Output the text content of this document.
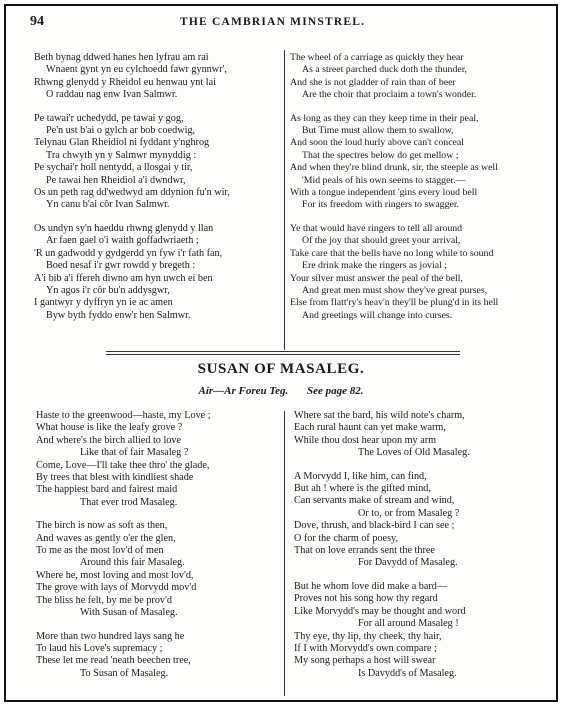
94	THE CAMBRIAN MINSTREL.
Beth bynag ddwed hanes hen lyfrau am rai
Wnaent gynt yn eu cylchoedd fawr gynnwr',
Rhwng glenydd y Rheidol eu henwau ynt lai
O raddau nag enw Ivan Salmwr.
Pe tawai'r uchedydd, pe tawai y gog,
Pe'n ust b'ai o gylch ar bob coedwig,
Telynau Glan Rheidiol ni fyddant y'nghrog
Tra chwyth yn y Salmwr mynyddig :
Pe sychai'r holl nentydd, a llosgai y tir,
Pe tawai hen Rheidiol a'i dwndwr,
Os un peth rag dd'wedwyd am ddynion fu'n wir,
Yn canu b'ai côr Ivan Salmwr.
Os undyn sy'n haeddu rhwng glenydd y llan
Ar faen gael o'i waith goffadwriaeth ;
'R un gadwodd y gydgerdd yn fyw i'r fath fan,
Boed nesaf i'r gwr rowdd y bregeth :
A'i bib a'i ffereh diwno am hyn uwch ei ben
Yn agos i'r côr bu'n addysgwr,
I gantwyr y dyffryn yn ie ac amen
Byw byth fyddo enw'r hen Salmwr.
The wheel of a carriage as quickly they hear
As a street parched duck doth the thunder,
And she is not gladder of rain than of beer
Are the choir that proclaim a town's wonder.
As long as they can they keep time in their peal,
But Time must allow them to swallow,
And soon the loud hurly above can't conceal
That the spectres below do get mellow ;
And when they're blind drunk, sir, the steeple as well
'Mid peals of his own seems to stagger.—
With a tongue independent 'gins every loud bell
For its freedom with ringers to swagger.
Ye that would have ringers to tell all around
Of the joy that should greet your arrival,
Take care that the bells have no long while to sound
Ere drink make the ringers as jovial ;
Your silver must answer the peal of the bell,
And great men must show they've great purses,
Else from flatt'ry's heav'n they'll be plung'd in its hell
And greetings will change into curses.
SUSAN OF MASALEG.
Air—Ar Foreu Teg. See page 82.
Haste to the greenwood—haste, my Love ;
What house is like the leafy grove ?
And where's the birch allied to love
Like that of fair Masaleg ?
Come, Love—I'll take thee thro' the glade,
By trees that blest with kindliest shade
The happiest bard and fairest maid
That ever trod Masaleg.
The birch is now as soft as then,
And waves as gently o'er the glen,
To me as the most lov'd of men
Around this fair Masaleg.
Where he, most loving and most lov'd,
The grove with lays of Morvydd mov'd
The bliss he felt, by me be prov'd
With Susan of Masaleg.
More than two hundred lays sang he
To laud his Love's supremacy ;
These let me read 'neath beechen tree,
To Susan of Masaleg.
Where sat the bard, his wild note's charm,
Each rural haunt can yet make warm,
While thou dost hear upon my arm
The Loves of Old Masaleg.
A Morvydd I, like him, can find,
But ah ! where is the gifted mind,
Can servants make of stream and wind,
Or to, or from Masaleg ?
Dove, thrush, and black-bird I can see ;
O for the charm of poesy,
That on love errands sent the three
For Davydd of Masaleg.
But he whom love did make a bard—
Proves not his song how thy regard
Like Morvydd's may be thought and word
For all around Masaleg !
Thy eye, thy lip, thy cheek, thy hair,
If I with Morvydd's own compare ;
My song perhaps a host will swear
Is Davydd's of Masaleg.
